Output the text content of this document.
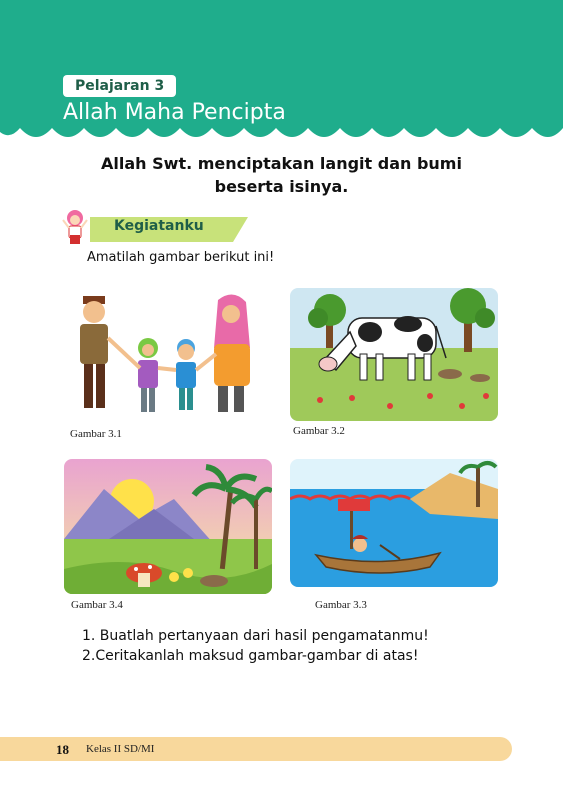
Pelajaran 3
Allah Maha Pencipta
Allah Swt. menciptakan langit dan bumi
beserta isinya.
Kegiatanku
Amatilah gambar berikut ini!
Gambar 3.1	Gambar 3.2
Gambar 3.4	Gambar 3.3
1. Buatlah pertanyaan dari hasil pengamatanmu!
2.Ceritakanlah maksud gambar-gambar di atas!
18 Kelas II SD/MI
